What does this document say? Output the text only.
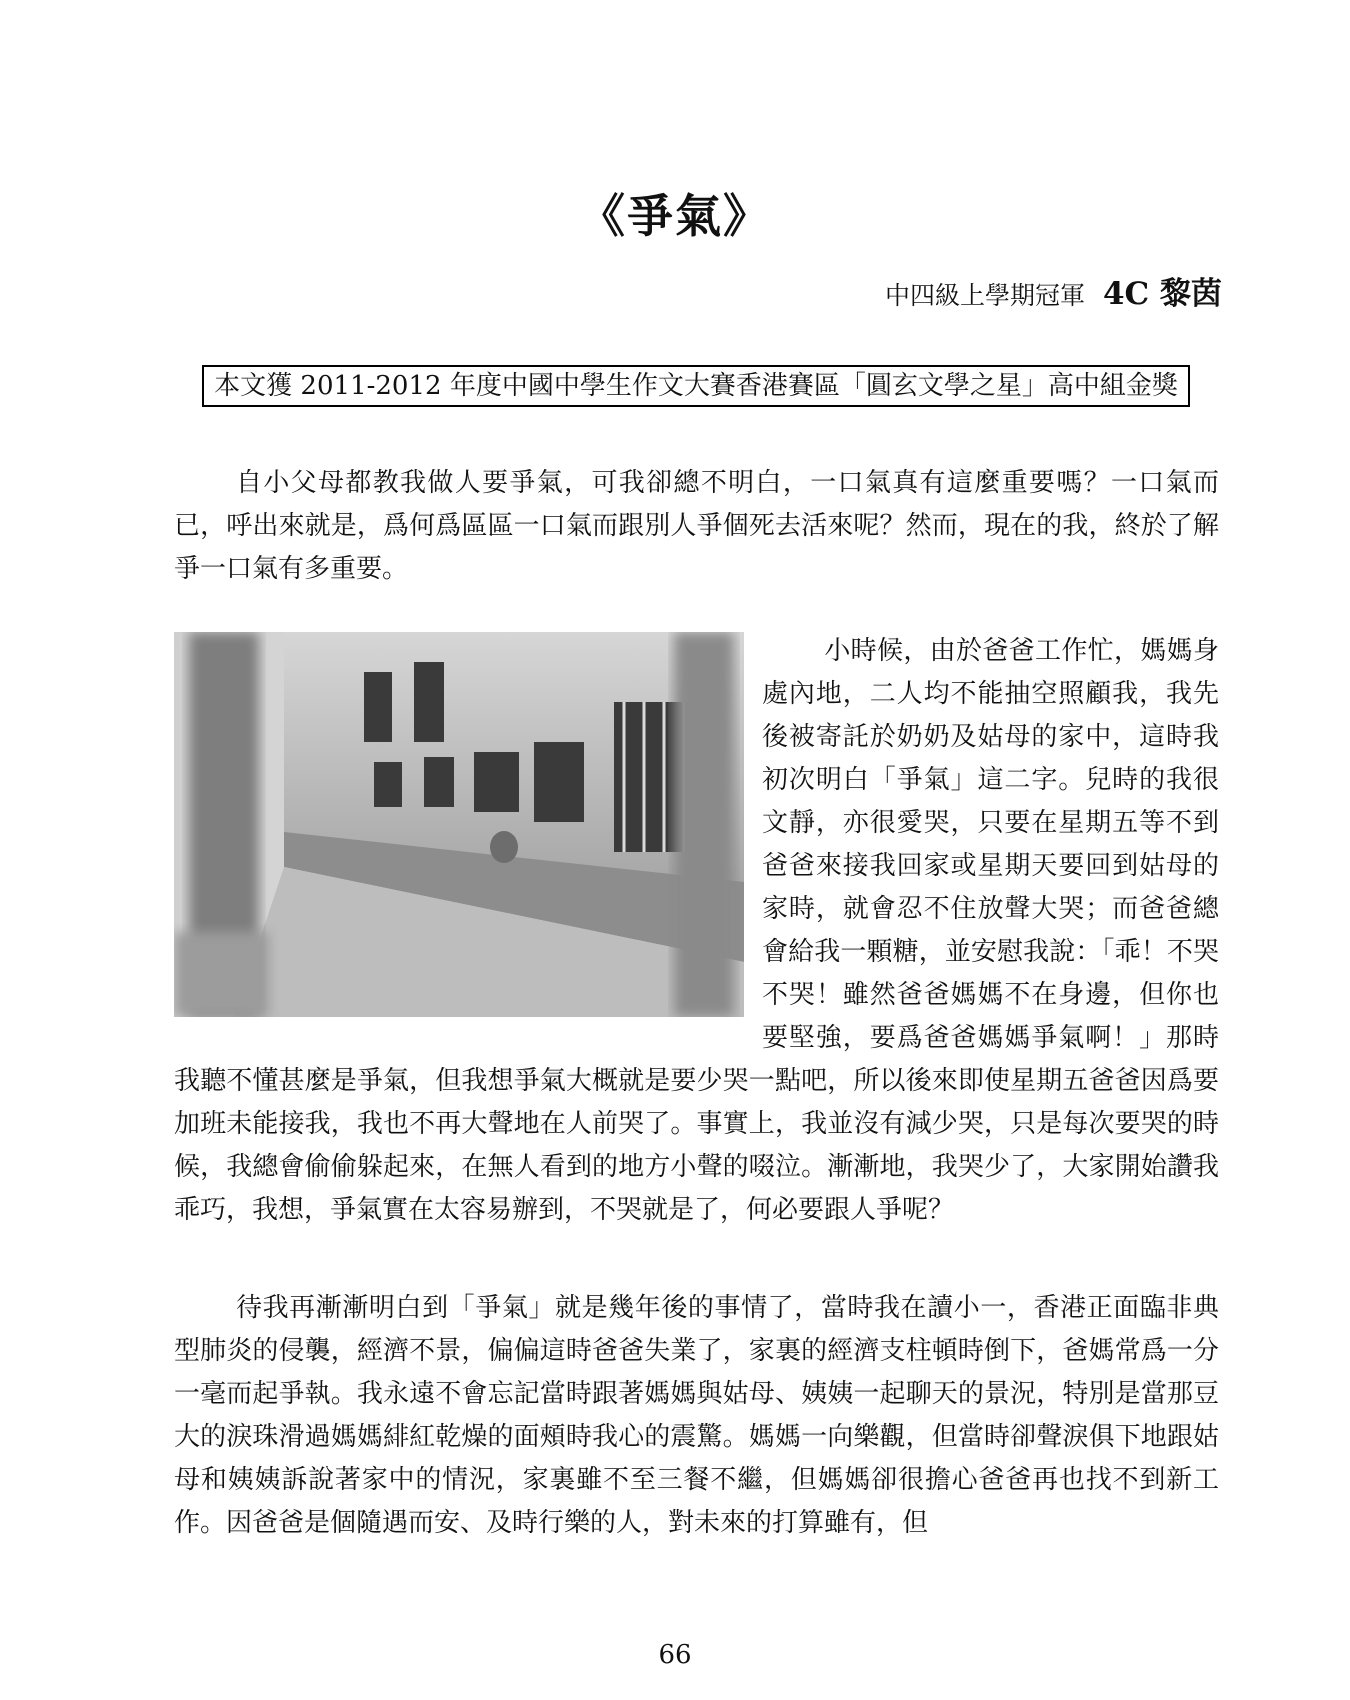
《爭氣》
中四級上學期冠軍 4C 黎茵
本文獲 2011-2012 年度中國中學生作文大賽香港賽區「圓玄文學之星」高中組金獎

自小父母都教我做人要爭氣，可我卻總不明白，一口氣真有這麼重要嗎？一口氣而已，呼出來就是，爲何爲區區一口氣而跟別人爭個死去活來呢？然而，現在的我，終於了解爭一口氣有多重要。

小時候，由於爸爸工作忙，媽媽身處內地，二人均不能抽空照顧我，我先後被寄託於奶奶及姑母的家中，這時我初次明白「爭氣」這二字。兒時的我很文靜，亦很愛哭，只要在星期五等不到爸爸來接我回家或星期天要回到姑母的家時，就會忍不住放聲大哭；而爸爸總會給我一顆糖，並安慰我說：「乖！不哭不哭！雖然爸爸媽媽不在身邊，但你也要堅強，要爲爸爸媽媽爭氣啊！」那時我聽不懂甚麼是爭氣，但我想爭氣大概就是要少哭一點吧，所以後來即使星期五爸爸因爲要加班未能接我，我也不再大聲地在人前哭了。事實上，我並沒有減少哭，只是每次要哭的時候，我總會偷偷躲起來，在無人看到的地方小聲的啜泣。漸漸地，我哭少了，大家開始讚我乖巧，我想，爭氣實在太容易辦到，不哭就是了，何必要跟人爭呢？

待我再漸漸明白到「爭氣」就是幾年後的事情了，當時我在讀小一，香港正面臨非典型肺炎的侵襲，經濟不景，偏偏這時爸爸失業了，家裏的經濟支柱頓時倒下，爸媽常爲一分一毫而起爭執。我永遠不會忘記當時跟著媽媽與姑母、姨姨一起聊天的景況，特別是當那豆大的淚珠滑過媽媽緋紅乾燥的面頰時我心的震驚。媽媽一向樂觀，但當時卻聲淚俱下地跟姑母和姨姨訴說著家中的情況，家裏雖不至三餐不繼，但媽媽卻很擔心爸爸再也找不到新工作。因爸爸是個隨遇而安、及時行樂的人，對未來的打算雖有，但

66
